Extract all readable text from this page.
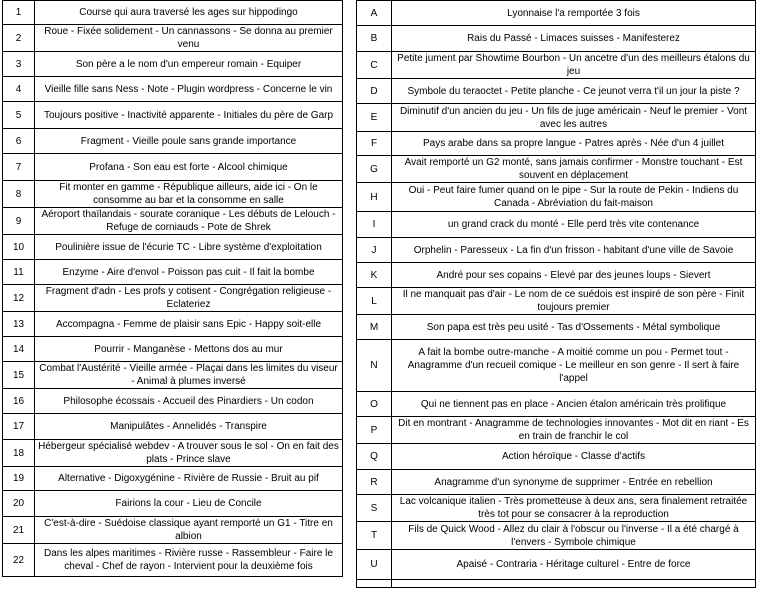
1	Course qui aura traversé les ages sur hippodingo
2	Roue - Fixée solidement - Un cannassons - Se donna au premier venu
3	Son père a le nom d'un empereur romain - Equiper
4	Vieille fille sans Ness - Note - Plugin wordpress - Concerne le vin
5	Toujours positive - Inactivité apparente - Initiales du père de Garp
6	Fragment - Vieille poule sans grande importance
7	Profana - Son eau est forte - Alcool chimique
8	Fit monter en gamme - République ailleurs, aide ici - On le consomme au bar et la consomme en salle
9	Aéroport thaïlandais - sourate coranique - Les débuts de Lelouch - Refuge de corniauds - Pote de Shrek
10	Poulinière issue de l'écurie TC - Libre système d'exploitation
11	Enzyme - Aire d'envol - Poisson pas cuit - Il fait la bombe
12	Fragment d'adn - Les profs y cotisent - Congrégation religieuse - Eclateriez
13	Accompagna - Femme de plaisir sans Epic - Happy soit-elle
14	Pourrir - Manganèse - Mettons dos au mur
15	Combat l'Austérité - Vieille armée - Plaçai dans les limites du viseur - Animal à plumes inversé
16	Philosophe écossais - Accueil des Pinardiers - Un codon
17	Manipulâtes - Annelidés - Transpire
18	Hébergeur spécialisé webdev - A trouver sous le sol - On en fait des plats - Prince slave
19	Alternative - Digoxygénine - Rivière de Russie - Bruit au pif
20	Fairions la cour - Lieu de Concile
21	C'est-à-dire - Suédoise classique ayant remporté un G1 - Titre en albion
22	Dans les alpes maritimes - Rivière russe - Rassembleur - Faire le cheval - Chef de rayon - Intervient pour la deuxième fois
A	Lyonnaise l'a remportée 3 fois
B	Rais du Passé - Limaces suisses - Manifesterez
C	Petite jument par Showtime Bourbon - Un ancetre d'un des meilleurs étalons du jeu
D	Symbole du teraoctet - Petite planche - Ce jeunot verra t'il un jour la piste ?
E	Diminutif d'un ancien du jeu - Un fils de juge américain - Neuf le premier - Vont avec les autres
F	Pays arabe dans sa propre langue - Patres après - Née d'un 4 juillet
G	Avait remporté un G2 monté, sans jamais confirmer - Monstre touchant - Est souvent en déplacement
H	Oui - Peut faire fumer quand on le pipe - Sur la route de Pekin - Indiens du Canada - Abréviation du fait-maison
I	un grand crack du monté - Elle perd très vite contenance
J	Orphelin - Paresseux - La fin d'un frisson - habitant d'une ville de Savoie
K	André pour ses copains - Elevé par des jeunes loups - Sievert
L	Il ne manquait pas d'air - Le nom de ce suédois est inspiré de son père - Finit toujours premier
M	Son papa est très peu usité - Tas d'Ossements - Métal symbolique
N	A fait la bombe outre-manche - A moitié comme un pou - Permet tout - Anagramme d'un recueil comique - Le meilleur en son genre - Il sert à faire l'appel
O	Qui ne tiennent pas en place - Ancien étalon américain très prolifique
P	Dit en montrant - Anagramme de technologies innovantes - Mot dit en riant - Es en train de franchir le col
Q	Action héroïque - Classe d'actifs
R	Anagramme d'un synonyme de supprimer - Entrée en rebellion
S	Lac volcanique italien - Très prometteuse à deux ans, sera finalement retraitée très tot pour se consacrer à la reproduction
T	Fils de Quick Wood - Allez du clair à l'obscur ou l'inverse - Il a été chargé à l'envers - Symbole chimique
U	Apaisé - Contraria - Héritage culturel - Entre de force
